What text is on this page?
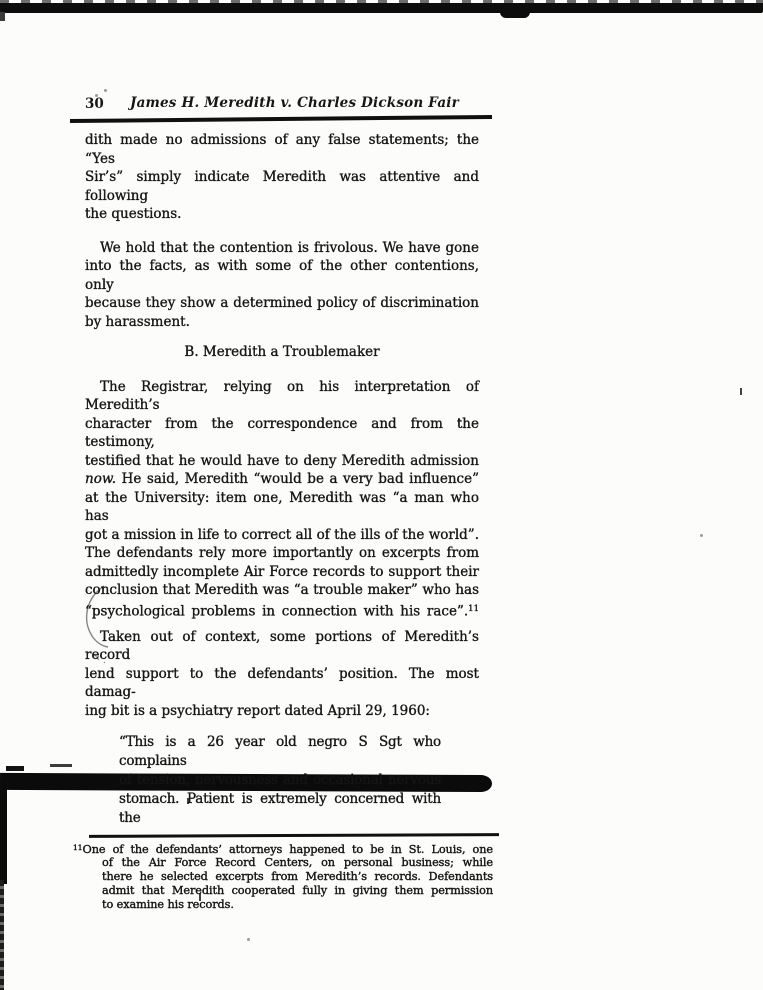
30 James H. Meredith v. Charles Dickson Fair
dith made no admissions of any false statements; the “Yes
Sir’s” simply indicate Meredith was attentive and following
the questions.
We hold that the contention is frivolous. We have gone
into the facts, as with some of the other contentions, only
because they show a determined policy of discrimination
by harassment.
B. Meredith a Troublemaker
The Registrar, relying on his interpretation of Meredith’s
character from the correspondence and from the testimony,
testified that he would have to deny Meredith admission
now. He said, Meredith “would be a very bad influence”
at the University: item one, Meredith was “a man who has
got a mission in life to correct all of the ills of the world”.
The defendants rely more importantly on excerpts from
admittedly incomplete Air Force records to support their
conclusion that Meredith was “a trouble maker” who has
“psychological problems in connection with his race”.$^{11}$
Taken out of context, some portions of Meredith’s record
lend support to the defendants’ position. The most damag-
ing bit is a psychiatry report dated April 29, 1960:
“This is a 26 year old negro S Sgt who complains
of tension, nervousness and occasional nervous
stomach. Patient is extremely concerned with the
$^{11}$One of the defendants’ attorneys happened to be in St. Louis, one
of the Air Force Record Centers, on personal business; while
there he selected excerpts from Meredith’s records. Defendants
admit that Meredith cooperated fully in giving them permission
to examine his records.
